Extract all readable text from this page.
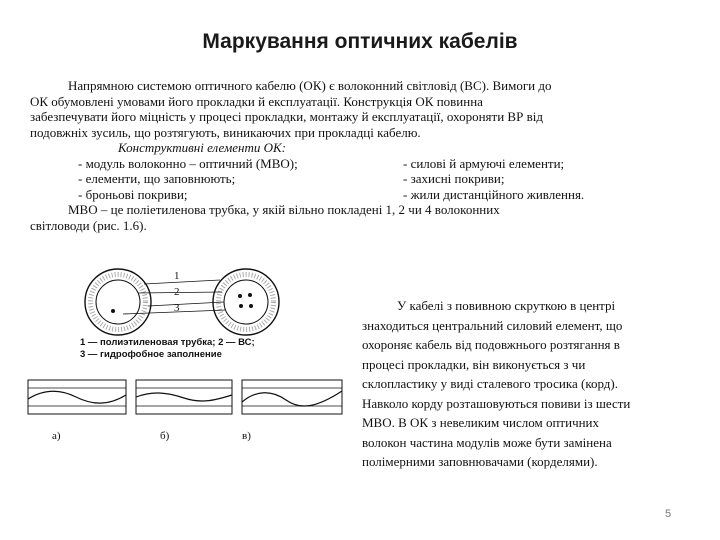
Маркування оптичних кабелів
Напрямною системою оптичного кабелю (ОК) є волоконний світловід (ВС). Вимоги до
ОК обумовлені умовами його прокладки й експлуатації. Конструкція ОК повинна
забезпечувати його міцність у процесі прокладки, монтажу й експлуатації, охороняти ВР від
подовжніх зусиль, що розтягують, виникаючих при прокладці кабелю.
Конструктивні елементи ОК:
- модуль волоконно – оптичний (МВО);	- силові й армуючі елементи;
- елементи, що заповнюють;	- захисні покриви;
- броньові покриви;	- жили дистанційного живлення.
МВО – це поліетиленова трубка, у якій вільно покладені 1, 2 чи 4 волоконних
світловоди (рис. 1.6).
1
2
3
1 — полиэтиленовая трубка; 2 — ВС;
3 — гидрофобное заполнение
а)	б)	в)
У кабелі з повивною скруткою в центрі
знаходиться центральний силовий елемент, що
охороняє кабель від подовжнього розтягання в
процесі прокладки, він виконується з чи
склопластику у виді сталевого тросика (корд).
Навколо корду розташовуються повиви із шести
МВО. В ОК з невеликим числом оптичних
волокон частина модулів може бути замінена
полімерними заповнювачами (корделями).
5
